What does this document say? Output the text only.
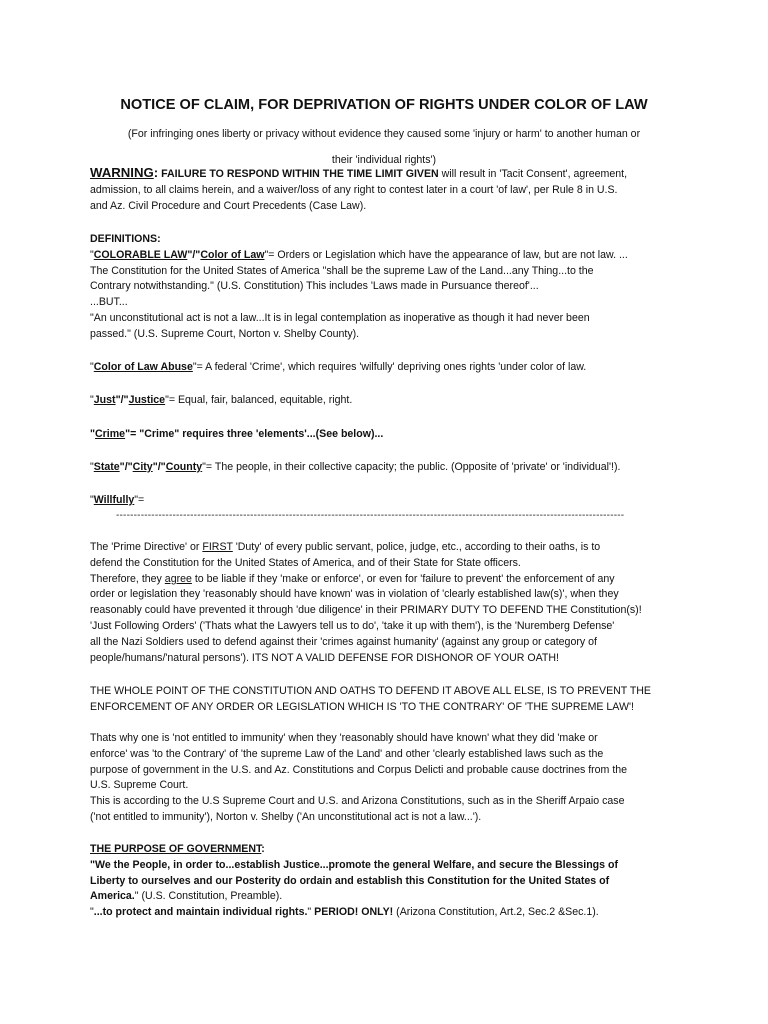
NOTICE OF CLAIM, FOR DEPRIVATION OF RIGHTS UNDER COLOR OF LAW

(For infringing ones liberty or privacy without evidence they caused some 'injury or harm' to another human or

their 'individual rights')

WARNING: FAILURE TO RESPOND WITHIN THE TIME LIMIT GIVEN will result in 'Tacit Consent', agreement,

admission, to all claims herein, and a waiver/loss of any right to contest later in a court 'of law', per Rule 8 in U.S.

and Az. Civil Procedure and Court Precedents (Case Law).

DEFINITIONS:

"COLORABLE LAW"/"Color of Law"= Orders or Legislation which have the appearance of law, but are not law. ...

The Constitution for the United States of America "shall be the supreme Law of the Land...any Thing...to the

Contrary notwithstanding." (U.S. Constitution) This includes 'Laws made in Pursuance thereof'...

...BUT...

"An unconstitutional act is not a law...It is in legal contemplation as inoperative as though it had never been

passed." (U.S. Supreme Court, Norton v. Shelby County).

"Color of Law Abuse"= A federal 'Crime', which requires 'wilfully' depriving ones rights 'under color of law.

"Just"/"Justice"= Equal, fair, balanced, equitable, right.

"Crime"= "Crime" requires three 'elements'...(See below)...

"State"/"City"/"County"= The people, in their collective capacity; the public. (Opposite of 'private' or 'individual'!).

"Willfully"=

------------------------------------------------------------------------------------------------------------------------------------------------

The 'Prime Directive' or FIRST 'Duty' of every public servant, police, judge, etc., according to their oaths, is to

defend the Constitution for the United States of America, and of their State for State officers.

Therefore, they agree to be liable if they 'make or enforce', or even for 'failure to prevent' the enforcement of any

order or legislation they 'reasonably should have known' was in violation of 'clearly established law(s)', when they

reasonably could have prevented it through 'due diligence' in their PRIMARY DUTY TO DEFEND THE Constitution(s)!

'Just Following Orders' ('Thats what the Lawyers tell us to do', 'take it up with them'), is the 'Nuremberg Defense'

all the Nazi Soldiers used to defend against their 'crimes against humanity' (against any group or category of

people/humans/'natural persons'). ITS NOT A VALID DEFENSE FOR DISHONOR OF YOUR OATH!

THE WHOLE POINT OF THE CONSTITUTION AND OATHS TO DEFEND IT ABOVE ALL ELSE, IS TO PREVENT THE

ENFORCEMENT OF ANY ORDER OR LEGISLATION WHICH IS 'TO THE CONTRARY' OF 'THE SUPREME LAW'!

Thats why one is 'not entitled to immunity' when they 'reasonably should have known' what they did 'make or

enforce' was 'to the Contrary' of 'the supreme Law of the Land' and other 'clearly established laws such as the

purpose of government in the U.S. and Az. Constitutions and Corpus Delicti and probable cause doctrines from the

U.S. Supreme Court.

This is according to the U.S Supreme Court and U.S. and Arizona Constitutions, such as in the Sheriff Arpaio case

('not entitled to immunity'), Norton v. Shelby ('An unconstitutional act is not a law...').

THE PURPOSE OF GOVERNMENT:

"We the People, in order to...establish Justice...promote the general Welfare, and secure the Blessings of

Liberty to ourselves and our Posterity do ordain and establish this Constitution for the United States of

America." (U.S. Constitution, Preamble).

"...to protect and maintain individual rights." PERIOD! ONLY! (Arizona Constitution, Art.2, Sec.2 &Sec.1).
